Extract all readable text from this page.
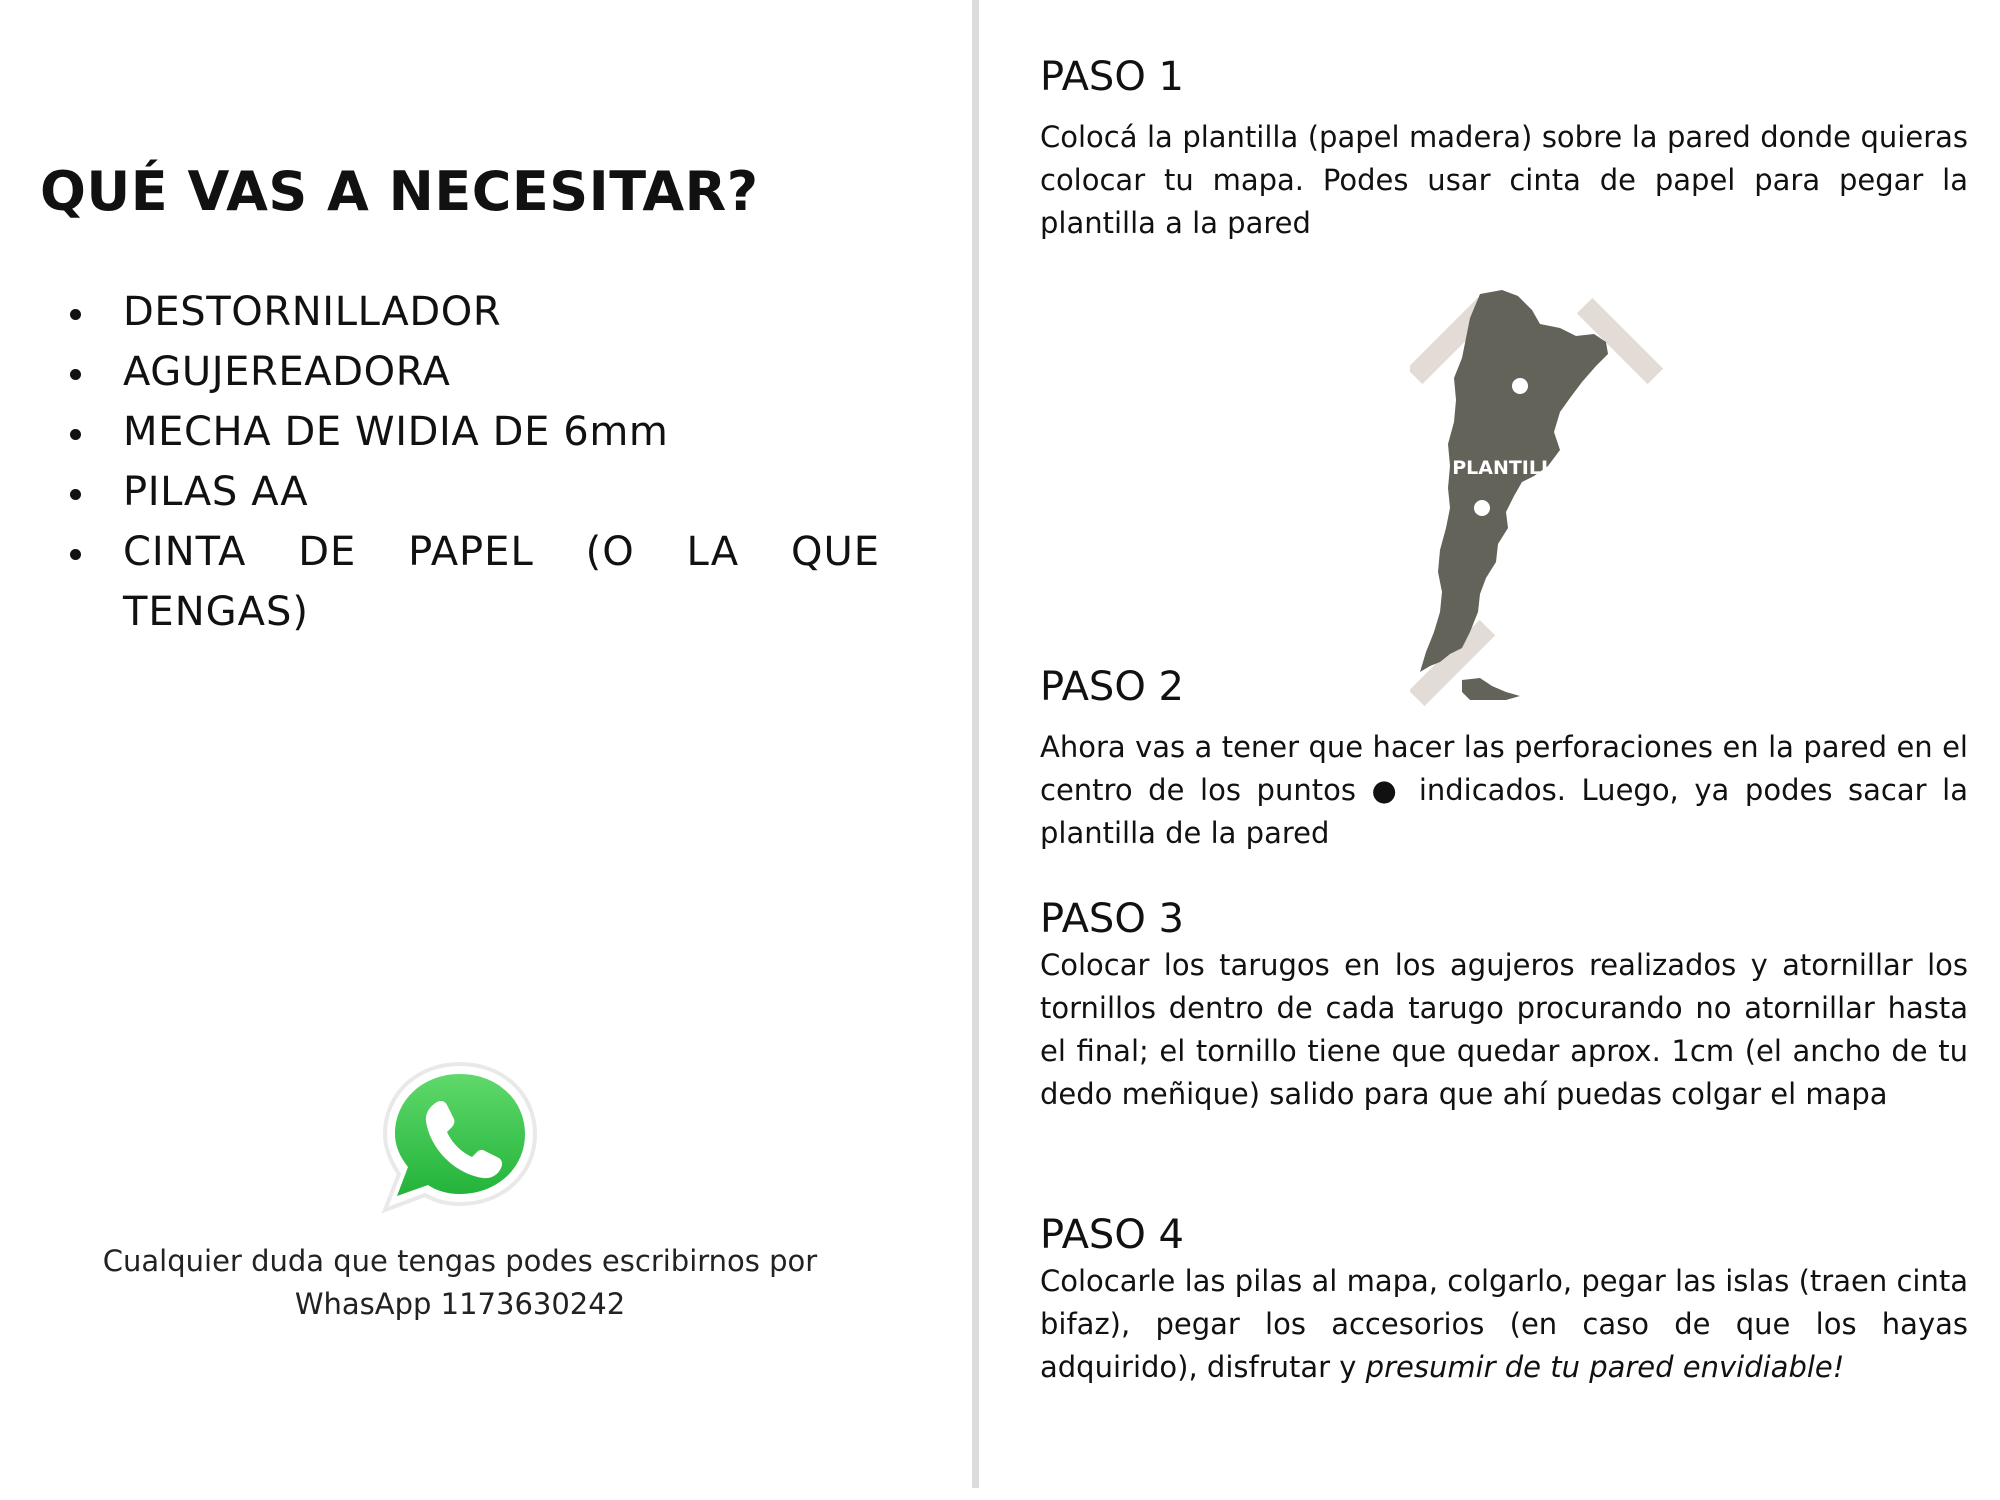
QUÉ VAS A NECESITAR?
DESTORNILLADOR
AGUJEREADORA
MECHA DE WIDIA DE 6mm
PILAS AA
CINTA DE PAPEL (O LA QUE TENGAS)
Cualquier duda que tengas podes escribirnos por
WhasApp 1173630242
PASO 1

Colocá la plantilla (papel madera) sobre la pared donde quieras colocar tu mapa. Podes usar cinta de papel para pegar la plantilla a la pared

PASO 2

Ahora vas a tener que hacer las perforaciones en la pared en el centro de los puntos ● indicados. Luego, ya podes sacar la plantilla de la pared

PASO 3

Colocar los tarugos en los agujeros realizados y atornillar los tornillos dentro de cada tarugo procurando no atornillar hasta el final; el tornillo tiene que quedar aprox. 1cm (el ancho de tu dedo meñique) salido para que ahí puedas colgar el mapa

PASO 4

Colocarle las pilas al mapa, colgarlo, pegar las islas (traen cinta bifaz), pegar los accesorios (en caso de que los hayas adquirido), disfrutar y presumir de tu pared envidiable!

PLANTILLA
